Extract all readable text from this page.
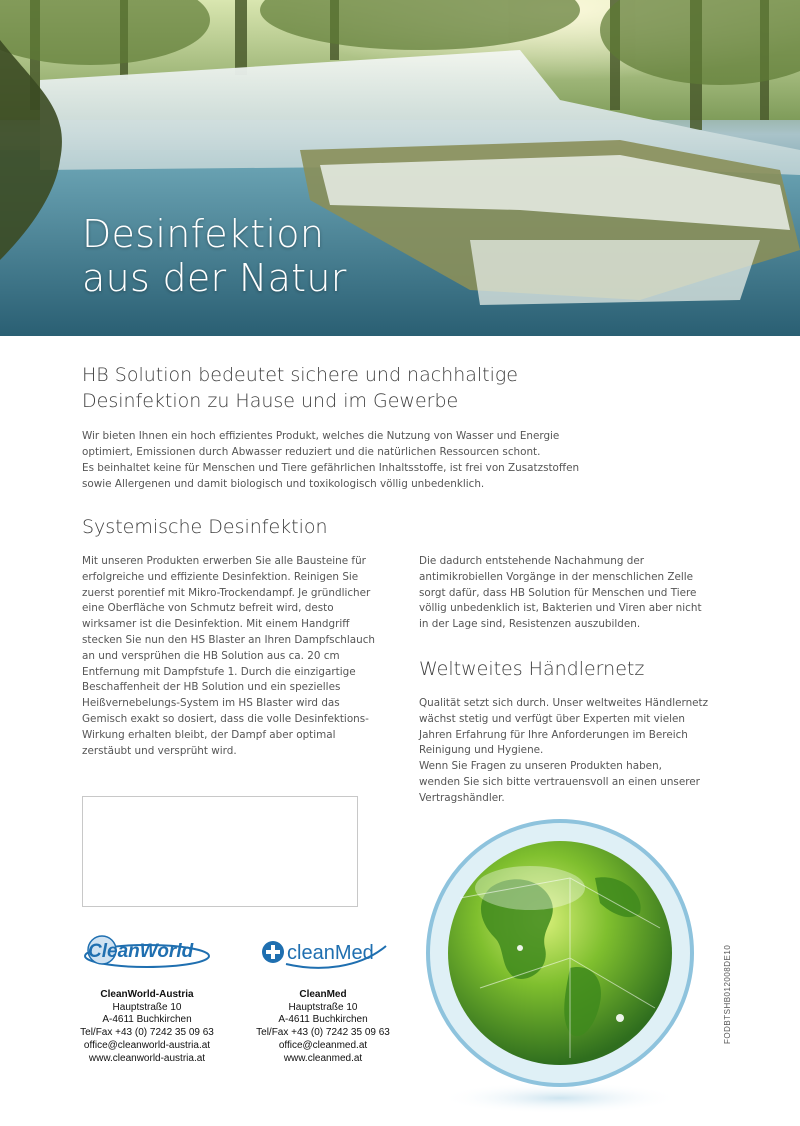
Desinfektion
aus der Natur
HB Solution bedeutet sichere und nachhaltige
Desinfektion zu Hause und im Gewerbe

Wir bieten Ihnen ein hoch effizientes Produkt, welches die Nutzung von Wasser und Energie
optimiert, Emissionen durch Abwasser reduziert und die natürlichen Ressourcen schont.
Es beinhaltet keine für Menschen und Tiere gefährlichen Inhaltsstoffe, ist frei von Zusatzstoffen
sowie Allergenen und damit biologisch und toxikologisch völlig unbedenklich.

Systemische Desinfektion

Mit unseren Produkten erwerben Sie alle Bausteine für
erfolgreiche und effiziente Desinfektion. Reinigen Sie
zuerst porentief mit Mikro-Trockendampf. Je gründlicher
eine Oberfläche von Schmutz befreit wird, desto
wirksamer ist die Desinfektion. Mit einem Handgriff
stecken Sie nun den HS Blaster an Ihren Dampfschlauch
an und versprühen die HB Solution aus ca. 20 cm
Entfernung mit Dampfstufe 1. Durch die einzigartige
Beschaffenheit der HB Solution und ein spezielles
Heißvernebelungs-System im HS Blaster wird das
Gemisch exakt so dosiert, dass die volle Desinfektions-
Wirkung erhalten bleibt, der Dampf aber optimal
zerstäubt und versprüht wird.

Die dadurch entstehende Nachahmung der
antimikrobiellen Vorgänge in der menschlichen Zelle
sorgt dafür, dass HB Solution für Menschen und Tiere
völlig unbedenklich ist, Bakterien und Viren aber nicht
in der Lage sind, Resistenzen auszubilden.

Weltweites Händlernetz

Qualität setzt sich durch. Unser weltweites Händlernetz
wächst stetig und verfügt über Experten mit vielen
Jahren Erfahrung für Ihre Anforderungen im Bereich
Reinigung und Hygiene.
Wenn Sie Fragen zu unseren Produkten haben,
wenden Sie sich bitte vertrauensvoll an einen unserer
Vertragshändler.

CleanWorld	cleanMed
CleanWorld-Austria
Hauptstraße 10
A-4611 Buchkirchen
Tel/Fax +43 (0) 7242 35 09 63
office@cleanworld-austria.at
www.cleanworld-austria.at
CleanMed
Hauptstraße 10
A-4611 Buchkirchen
Tel/Fax +43 (0) 7242 35 09 63
office@cleanmed.at
www.cleanmed.at
FODBTSHB012008DE10
